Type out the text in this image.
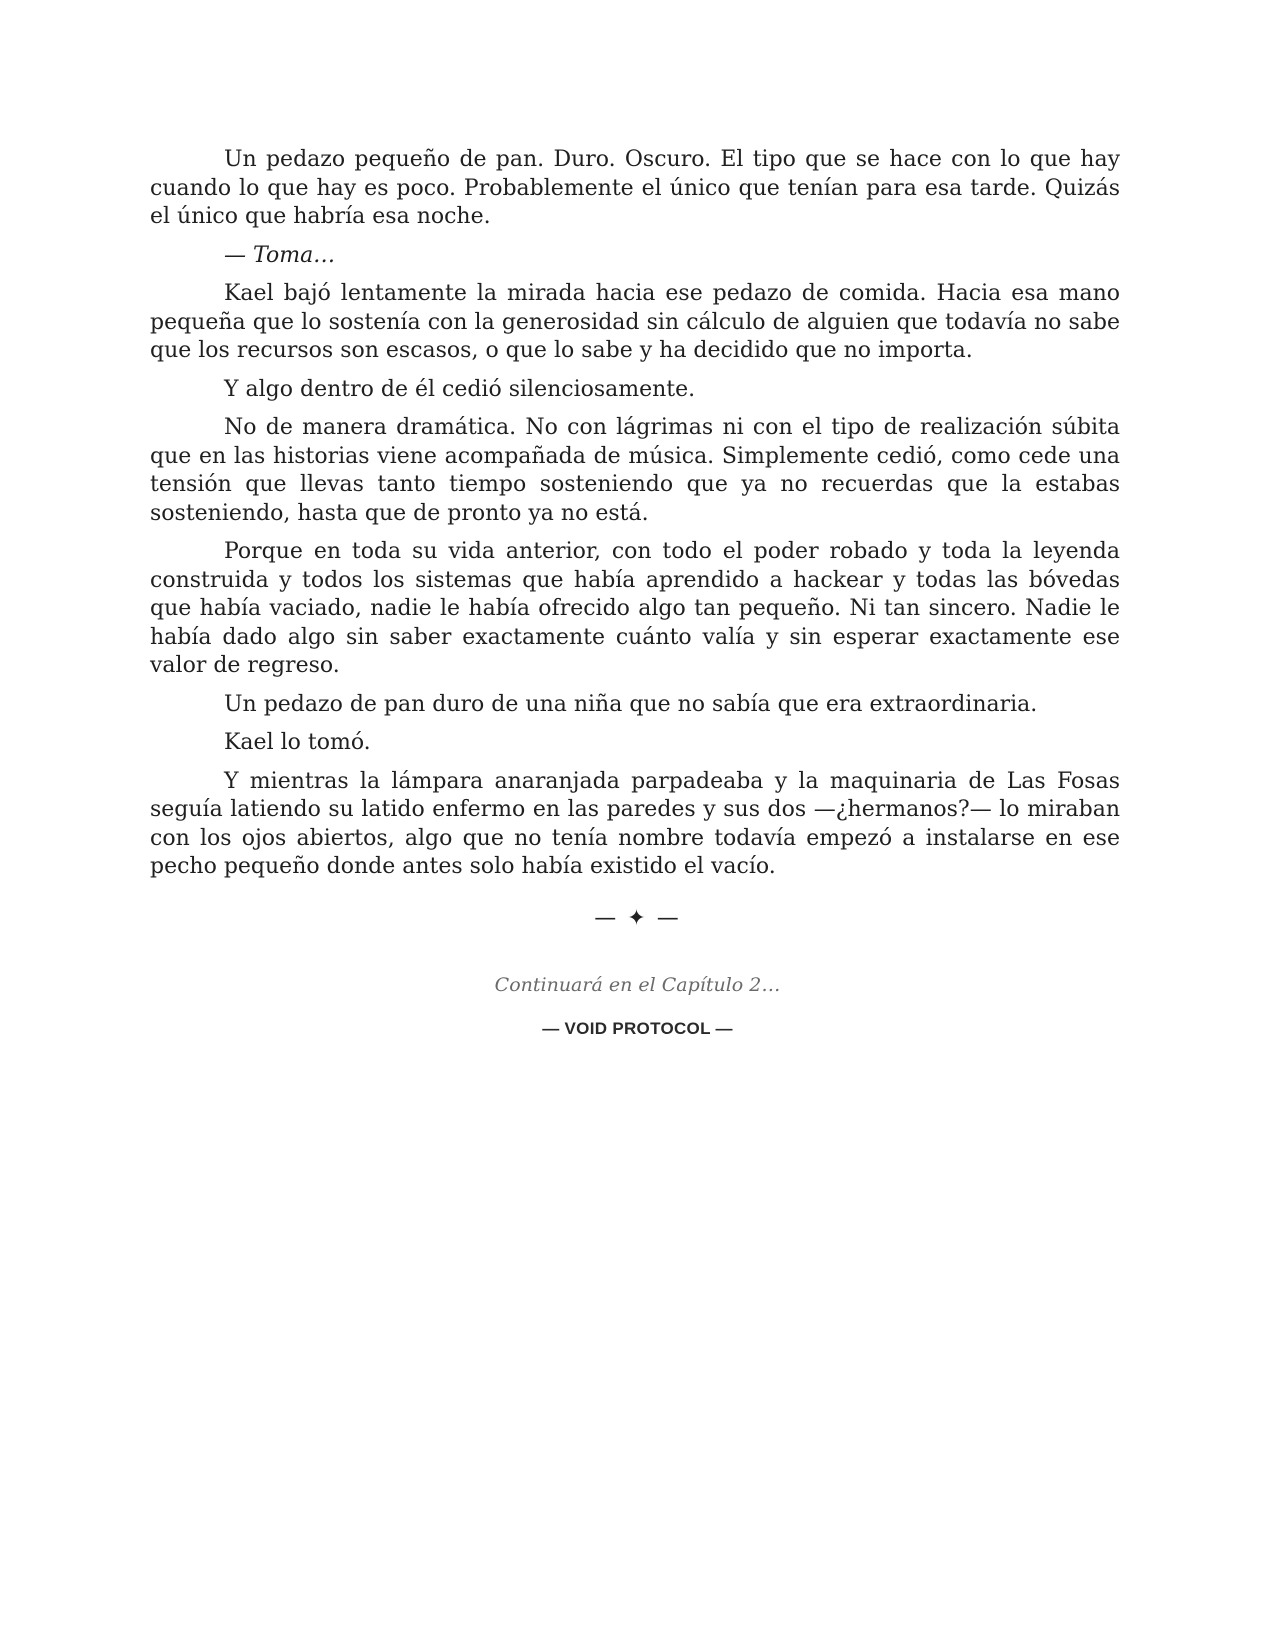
Un pedazo pequeño de pan. Duro. Oscuro. El tipo que se hace con lo que hay cuando lo que hay es poco. Probablemente el único que tenían para esa tarde. Quizás el único que habría esa noche.

— Toma…

Kael bajó lentamente la mirada hacia ese pedazo de comida. Hacia esa mano pequeña que lo sostenía con la generosidad sin cálculo de alguien que todavía no sabe que los recursos son escasos, o que lo sabe y ha decidido que no importa.

Y algo dentro de él cedió silenciosamente.

No de manera dramática. No con lágrimas ni con el tipo de realización súbita que en las historias viene acompañada de música. Simplemente cedió, como cede una tensión que llevas tanto tiempo sosteniendo que ya no recuerdas que la estabas sosteniendo, hasta que de pronto ya no está.

Porque en toda su vida anterior, con todo el poder robado y toda la leyenda construida y todos los sistemas que había aprendido a hackear y todas las bóvedas que había vaciado, nadie le había ofrecido algo tan pequeño. Ni tan sincero. Nadie le había dado algo sin saber exactamente cuánto valía y sin esperar exactamente ese valor de regreso.

Un pedazo de pan duro de una niña que no sabía que era extraordinaria.

Kael lo tomó.

Y mientras la lámpara anaranjada parpadeaba y la maquinaria de Las Fosas seguía latiendo su latido enfermo en las paredes y sus dos —¿hermanos?— lo miraban con los ojos abiertos, algo que no tenía nombre todavía empezó a instalarse en ese pecho pequeño donde antes solo había existido el vacío.

— ✦ —
Continuará en el Capítulo 2…
— VOID PROTOCOL —
